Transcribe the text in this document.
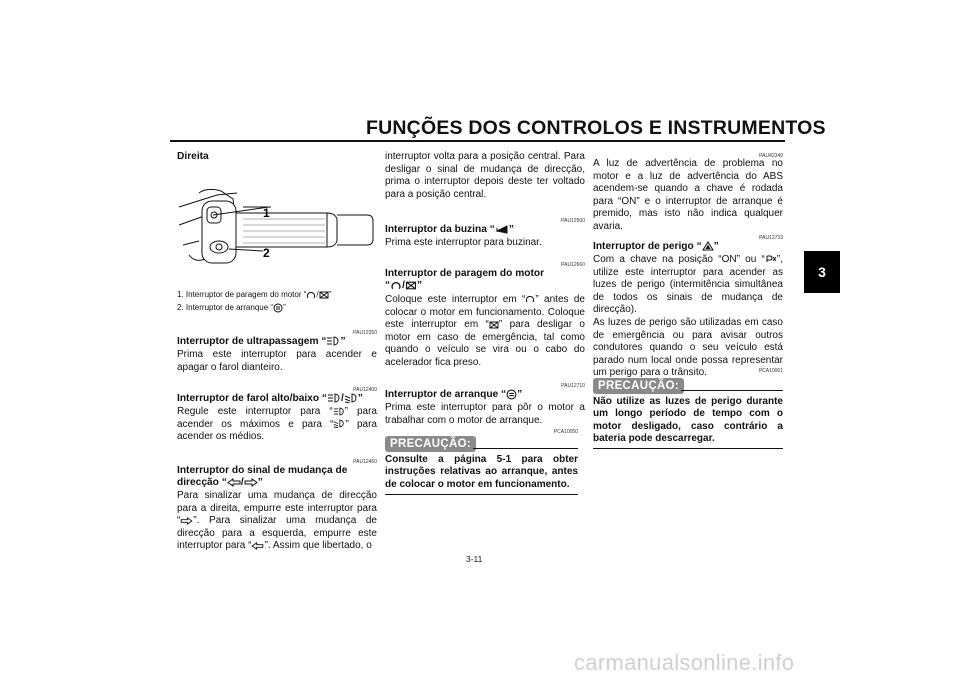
FUNÇÕES DOS CONTROLOS E INSTRUMENTOS
3
Direita
1
2
1. Interruptor de paragem do motor “ / ”
2. Interruptor de arranque “ ”
PAU12350
Interruptor de ultrapassagem “ ”
Prima este interruptor para acender e apagar o farol dianteiro.
PAU12400
Interruptor de farol alto/baixo “ / ”
Regule este interruptor para “ ” para acender os máximos e para “ ” para acender os médios.
PAU12460
Interruptor do sinal de mudança de direcção “ / ”
Para sinalizar uma mudança de direcção para a direita, empurre este interruptor para “ ”. Para sinalizar uma mudança de direcção para a esquerda, empurre este interruptor para “ ”. Assim que libertado, o
interruptor volta para a posição central. Para desligar o sinal de mudança de direcção, prima o interruptor depois deste ter voltado para a posição central.
PAU12500
Interruptor da buzina “ ”
Prima este interruptor para buzinar.
PAU12660
Interruptor de paragem do motor
“ / ”
Coloque este interruptor em “ ” antes de colocar o motor em funcionamento. Coloque este interruptor em “ ” para desligar o motor em caso de emergência, tal como quando o veículo se vira ou o cabo do acelerador fica preso.
PAU12710
Interruptor de arranque “ ”
Prima este interruptor para pôr o motor a trabalhar com o motor de arranque.
PRECAUÇÃO:
PCA10050
Consulte a página 5-1 para obter instruções relativas ao arranque, antes de colocar o motor em funcionamento.
PAU42340
A luz de advertência de problema no motor e a luz de advertência do ABS acendem-se quando a chave é rodada para “ON” e o interruptor de arranque é premido, mas isto não indica qualquer avaria.
PAU12733
Interruptor de perigo “ ”
Com a chave na posição “ON” ou “ ”, utilize este interruptor para acender as luzes de perigo (intermitência simultânea de todos os sinais de mudança de direcção).
As luzes de perigo são utilizadas em caso de emergência ou para avisar outros condutores quando o seu veículo está parado num local onde possa representar um perigo para o trânsito.
PRECAUÇÃO:
PCA10061
Não utilize as luzes de perigo durante um longo período de tempo com o motor desligado, caso contrário a bateria pode descarregar.
3-11
carmanualsonline.info
